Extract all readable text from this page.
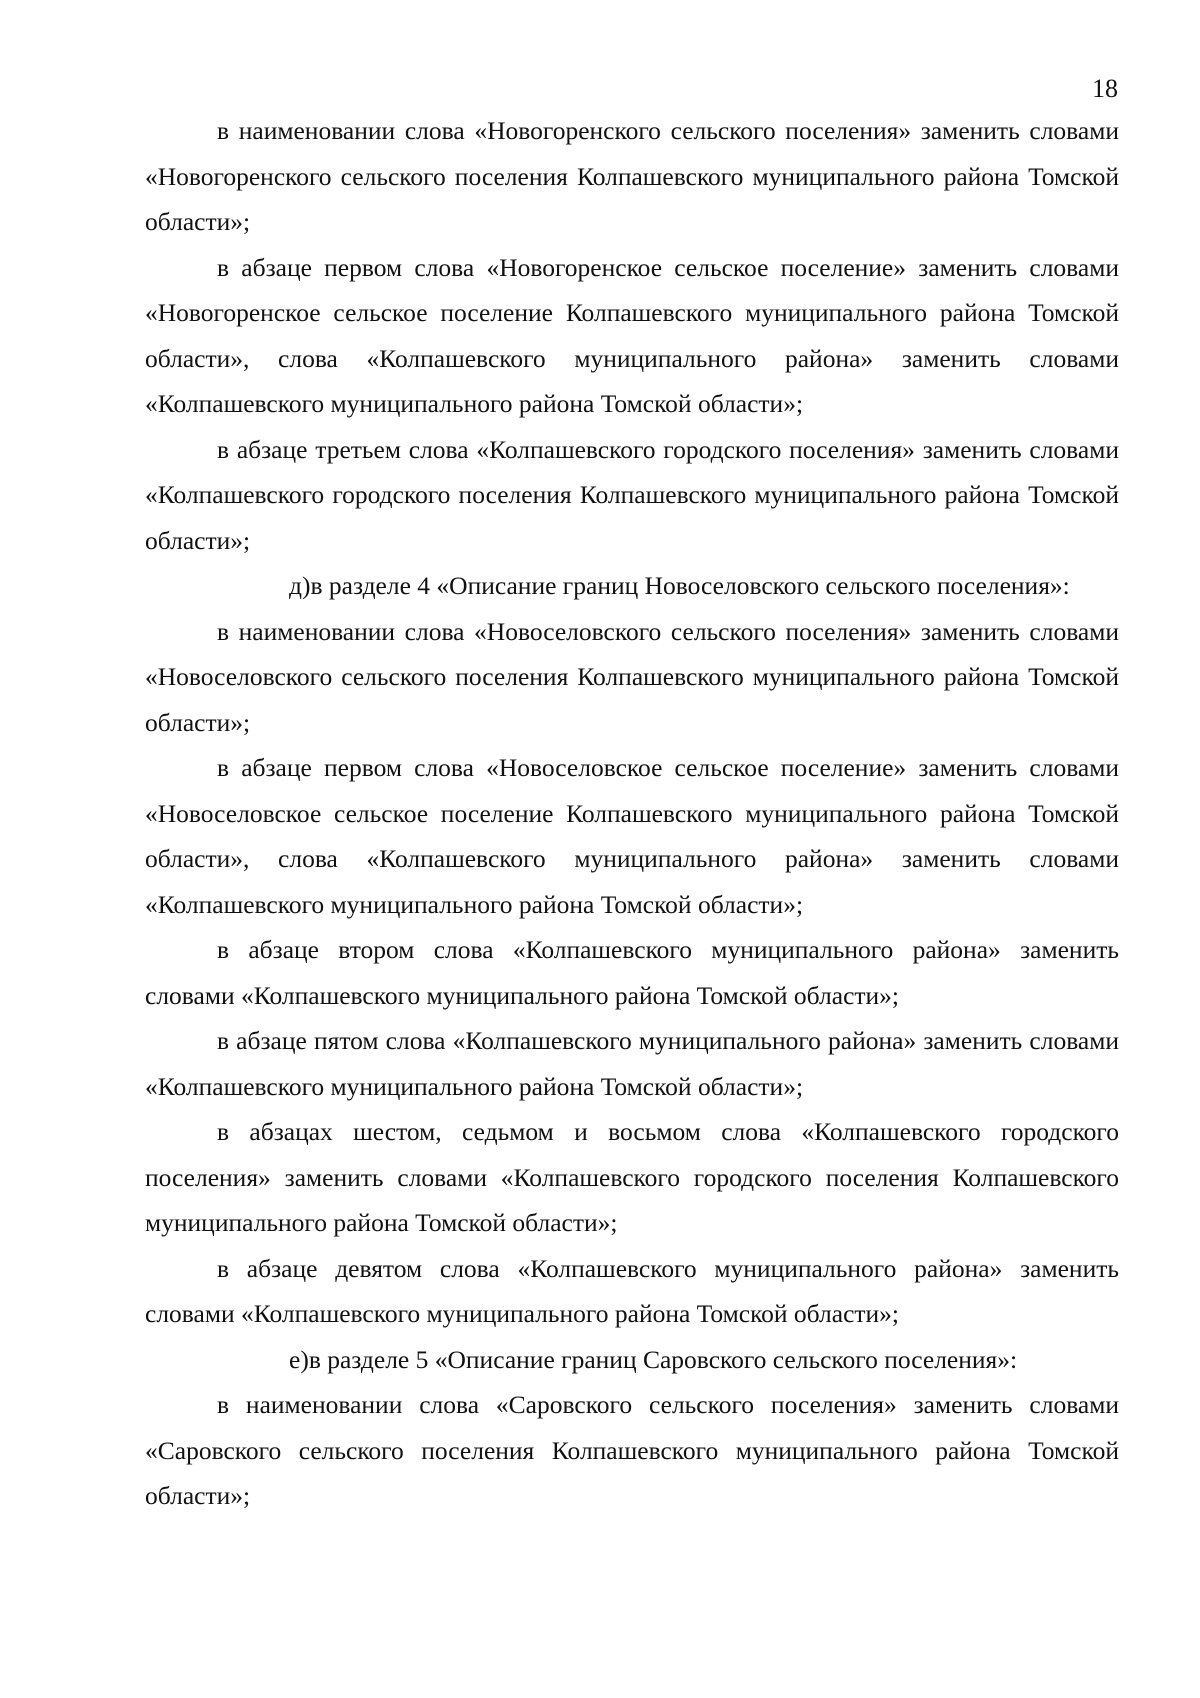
18

в наименовании слова «Новогоренского сельского поселения» заменить словами «Новогоренского сельского поселения Колпашевского муниципального района Томской области»;

в абзаце первом слова «Новогоренское сельское поселение» заменить словами «Новогоренское сельское поселение Колпашевского муниципального района Томской области», слова «Колпашевского муниципального района» заменить словами «Колпашевского муниципального района Томской области»;

в абзаце третьем слова «Колпашевского городского поселения» заменить словами «Колпашевского городского поселения Колпашевского муниципального района Томской области»;

д)в разделе 4 «Описание границ Новоселовского сельского поселения»:

в наименовании слова «Новоселовского сельского поселения» заменить словами «Новоселовского сельского поселения Колпашевского муниципального района Томской области»;

в абзаце первом слова «Новоселовское сельское поселение» заменить словами «Новоселовское сельское поселение Колпашевского муниципального района Томской области», слова «Колпашевского муниципального района» заменить словами «Колпашевского муниципального района Томской области»;

в абзаце втором слова «Колпашевского муниципального района» заменить словами «Колпашевского муниципального района Томской области»;

в абзаце пятом слова «Колпашевского муниципального района» заменить словами «Колпашевского муниципального района Томской области»;

в абзацах шестом, седьмом и восьмом слова «Колпашевского городского поселения» заменить словами «Колпашевского городского поселения Колпашевского муниципального района Томской области»;

в абзаце девятом слова «Колпашевского муниципального района» заменить словами «Колпашевского муниципального района Томской области»;

е)в разделе 5 «Описание границ Саровского сельского поселения»:

в наименовании слова «Саровского сельского поселения» заменить словами «Саровского сельского поселения Колпашевского муниципального района Томской области»;
